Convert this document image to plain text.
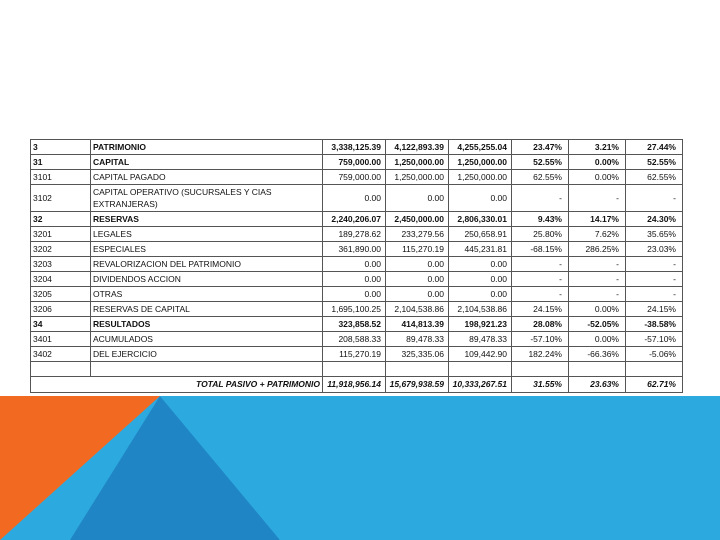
3	PATRIMONIO	3,338,125.39	4,122,893.39	4,255,255.04	23.47%	3.21%	27.44%
31	CAPITAL	759,000.00	1,250,000.00	1,250,000.00	52.55%	0.00%	52.55%
3101	CAPITAL PAGADO	759,000.00	1,250,000.00	1,250,000.00	62.55%	0.00%	62.55%
3102	CAPITAL OPERATIVO (SUCURSALES Y CIAS EXTRANJERAS)	0.00	0.00	0.00	-	-	-
32	RESERVAS	2,240,206.07	2,450,000.00	2,806,330.01	9.43%	14.17%	24.30%
3201	LEGALES	189,278.62	233,279.56	250,658.91	25.80%	7.62%	35.65%
3202	ESPECIALES	361,890.00	115,270.19	445,231.81	-68.15%	286.25%	23.03%
3203	REVALORIZACION DEL PATRIMONIO	0.00	0.00	0.00	-	-	-
3204	DIVIDENDOS ACCION	0.00	0.00	0.00	-	-	-
3205	OTRAS	0.00	0.00	0.00	-	-	-
3206	RESERVAS DE CAPITAL	1,695,100.25	2,104,538.86	2,104,538.86	24.15%	0.00%	24.15%
34	RESULTADOS	323,858.52	414,813.39	198,921.23	28.08%	-52.05%	-38.58%
3401	ACUMULADOS	208,588.33	89,478.33	89,478.33	-57.10%	0.00%	-57.10%
3402	DEL EJERCICIO	115,270.19	325,335.06	109,442.90	182.24%	-66.36%	-5.06%

TOTAL PASIVO + PATRIMONIO		11,918,956.14	15,679,938.59	10,333,267.51	31.55%	23.63%	62.71%
